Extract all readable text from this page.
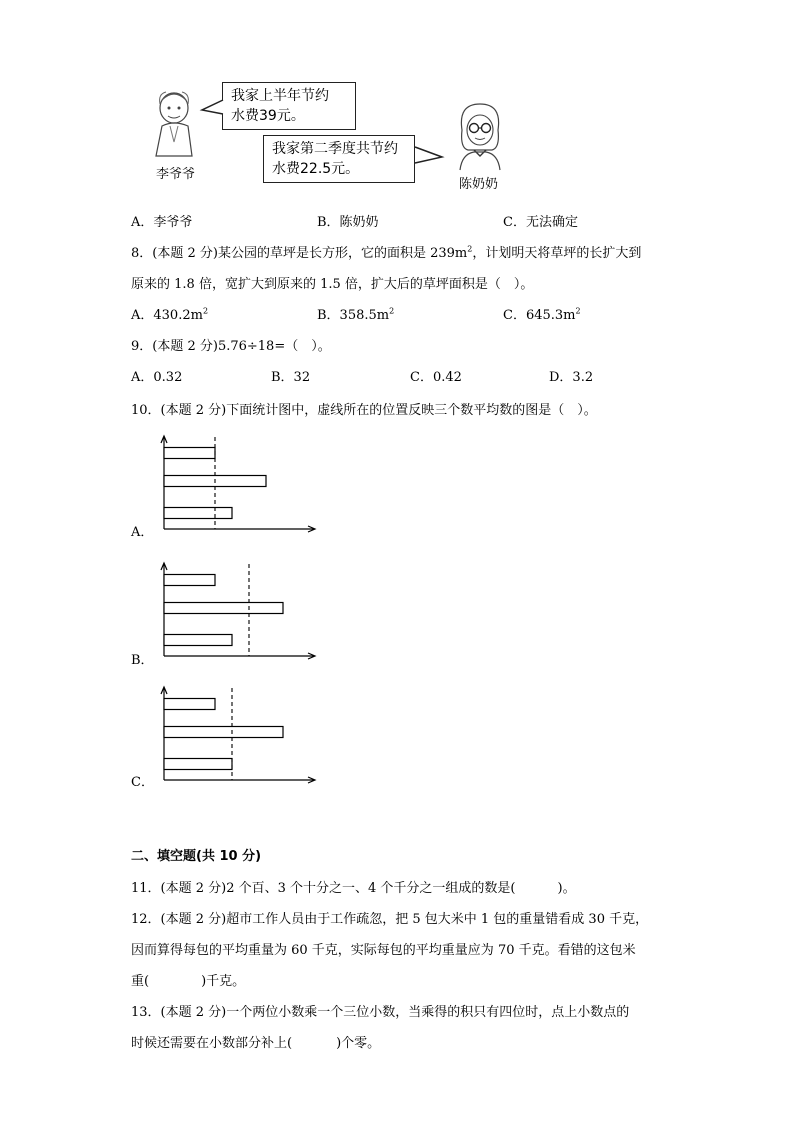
李爷爷
我家上半年节约
水费39元。
我家第二季度共节约
水费22.5元。
陈奶奶
A．李爷爷	B．陈奶奶	C．无法确定
8．(本题 2 分)某公园的草坪是长方形，它的面积是 $239m^2$，计划明天将草坪的长扩大到
原来的 1.8 倍，宽扩大到原来的 1.5 倍，扩大后的草坪面积是（　）。
A．$430.2m^2$	B．$358.5m^2$	C．$645.3m^2$
9．(本题 2 分)5.76÷18=（　）。
A．0.32	B．32	C．0.42	D．3.2
10．(本题 2 分)下面统计图中，虚线所在的位置反映三个数平均数的图是（　）。
A．
B．
C．
二、填空题(共 10 分)
11．(本题 2 分)2 个百、3 个十分之一、4 个千分之一组成的数是(	)。
12．(本题 2 分)超市工作人员由于工作疏忽，把 5 包大米中 1 包的重量错看成 30 千克，
因而算得每包的平均重量为 60 千克，实际每包的平均重量应为 70 千克。看错的这包米
重(	)千克。
13．(本题 2 分)一个两位小数乘一个三位小数，当乘得的积只有四位时，点上小数点的
时候还需要在小数部分补上(	)个零。
